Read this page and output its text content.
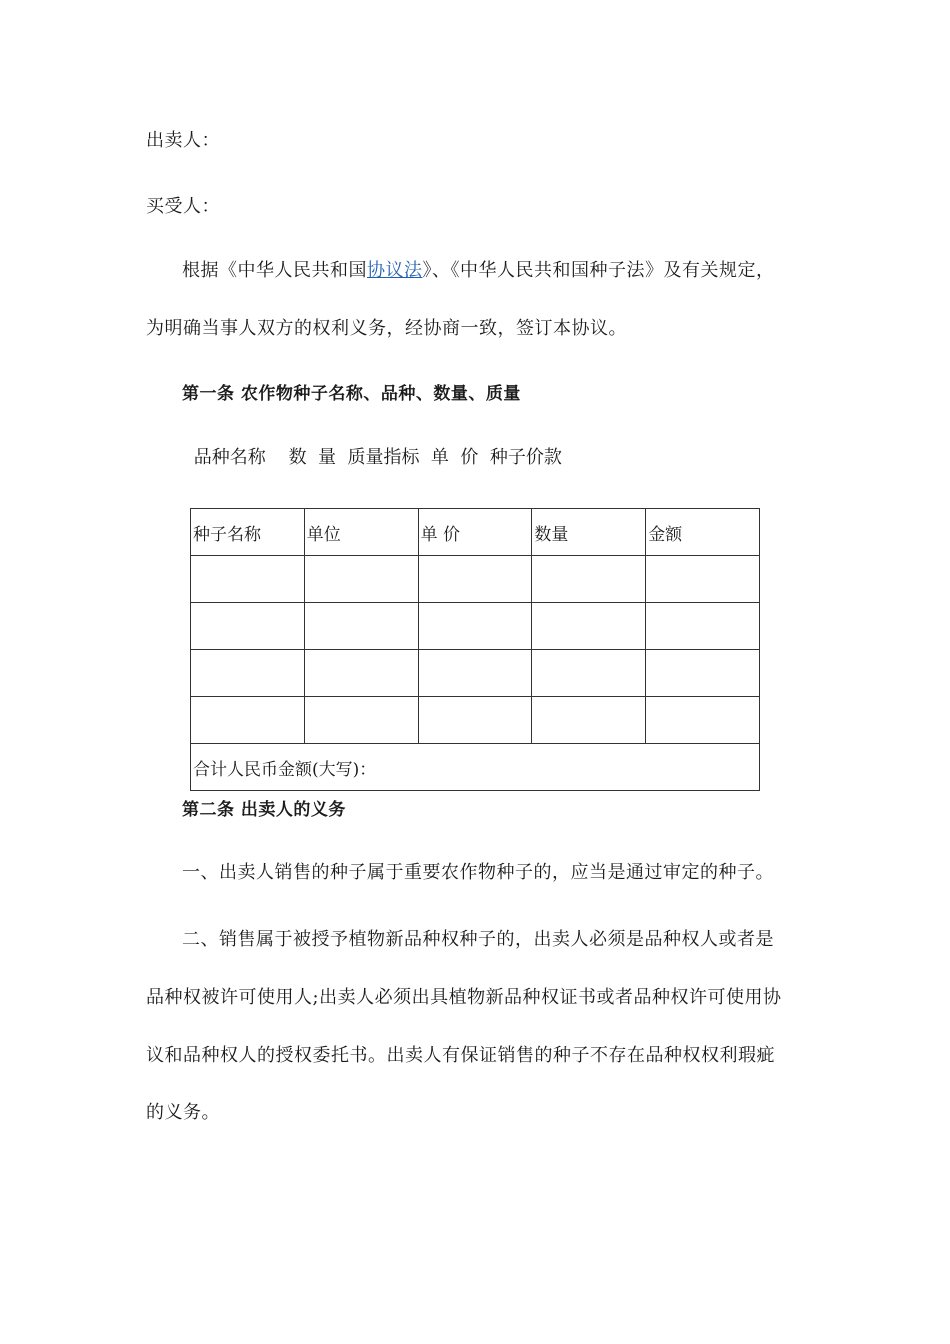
出卖人：
买受人：
根据《中华人民共和国协议法》、《中华人民共和国种子法》及有关规定，
为明确当事人双方的权利义务，经协商一致，签订本协议。
第一条 农作物种子名称、品种、数量、质量
品种名称    数  量  质量指标  单  价  种子价款
种子名称	单位	单 价	数量	金额

合计人民币金额(大写)：				
第二条 出卖人的义务
一、出卖人销售的种子属于重要农作物种子的，应当是通过审定的种子。
二、销售属于被授予植物新品种权种子的，出卖人必须是品种权人或者是
品种权被许可使用人;出卖人必须出具植物新品种权证书或者品种权许可使用协
议和品种权人的授权委托书。出卖人有保证销售的种子不存在品种权权利瑕疵
的义务。
